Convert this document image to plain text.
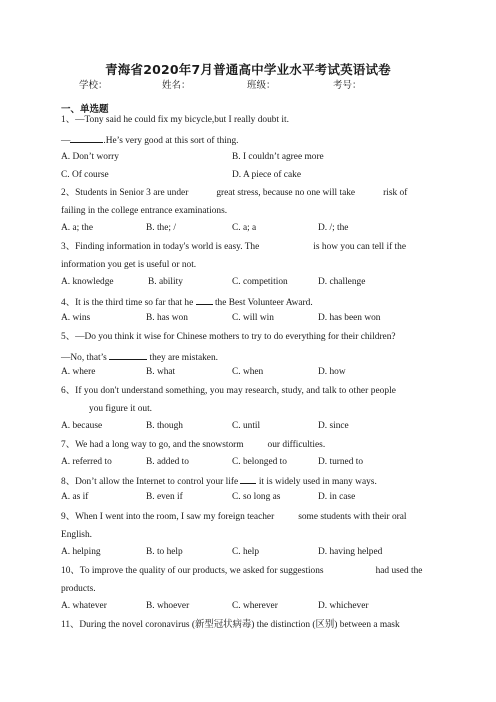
青海省2020年7月普通高中学业水平考试英语试卷
学校：	姓名：	班级：	考号：
一、单选题
1、—Tony said he could fix my bicycle,but I really doubt it.
—	.He’s very good at this sort of thing.
A. Don’t worry	B. I couldn’t agree more
C. Of course	D. A piece of cake
2、Students in Senior 3 are under	great stress, because no one will take	risk of
failing in the college entrance examinations.
A. a; the	B. the; /	C. a; a	D. /; the
3、Finding information in today's world is easy. The	is how you can tell if the
information you get is useful or not.
A. knowledge	B. ability	C. competition	D. challenge
4、It is the third time so far that he the Best Volunteer Award.
A. wins	B. has won	C. will win	D. has been won
5、—Do you think it wise for Chinese mothers to try to do everything for their children?
—No, that’s	they are mistaken.
A. where	B. what	C. when	D. how
6、If you don't understand something, you may research, study, and talk to other people
you figure it out.
A. because	B. though	C. until	D. since
7、We had a long way to go, and the snowstorm	our difficulties.
A. referred to	B. added to	C. belonged to	D. turned to
8、Don’t allow the Internet to control your life it is widely used in many ways.
A. as if	B. even if	C. so long as	D. in case
9、When I went into the room, I saw my foreign teacher	some students with their oral
English.
A. helping	B. to help	C. help	D. having helped
10、To improve the quality of our products, we asked for suggestions	had used the
products.
A. whatever	B. whoever	C. wherever	D. whichever
11、During the novel coronavirus (新型冠状病毒) the distinction (区别) between a mask
